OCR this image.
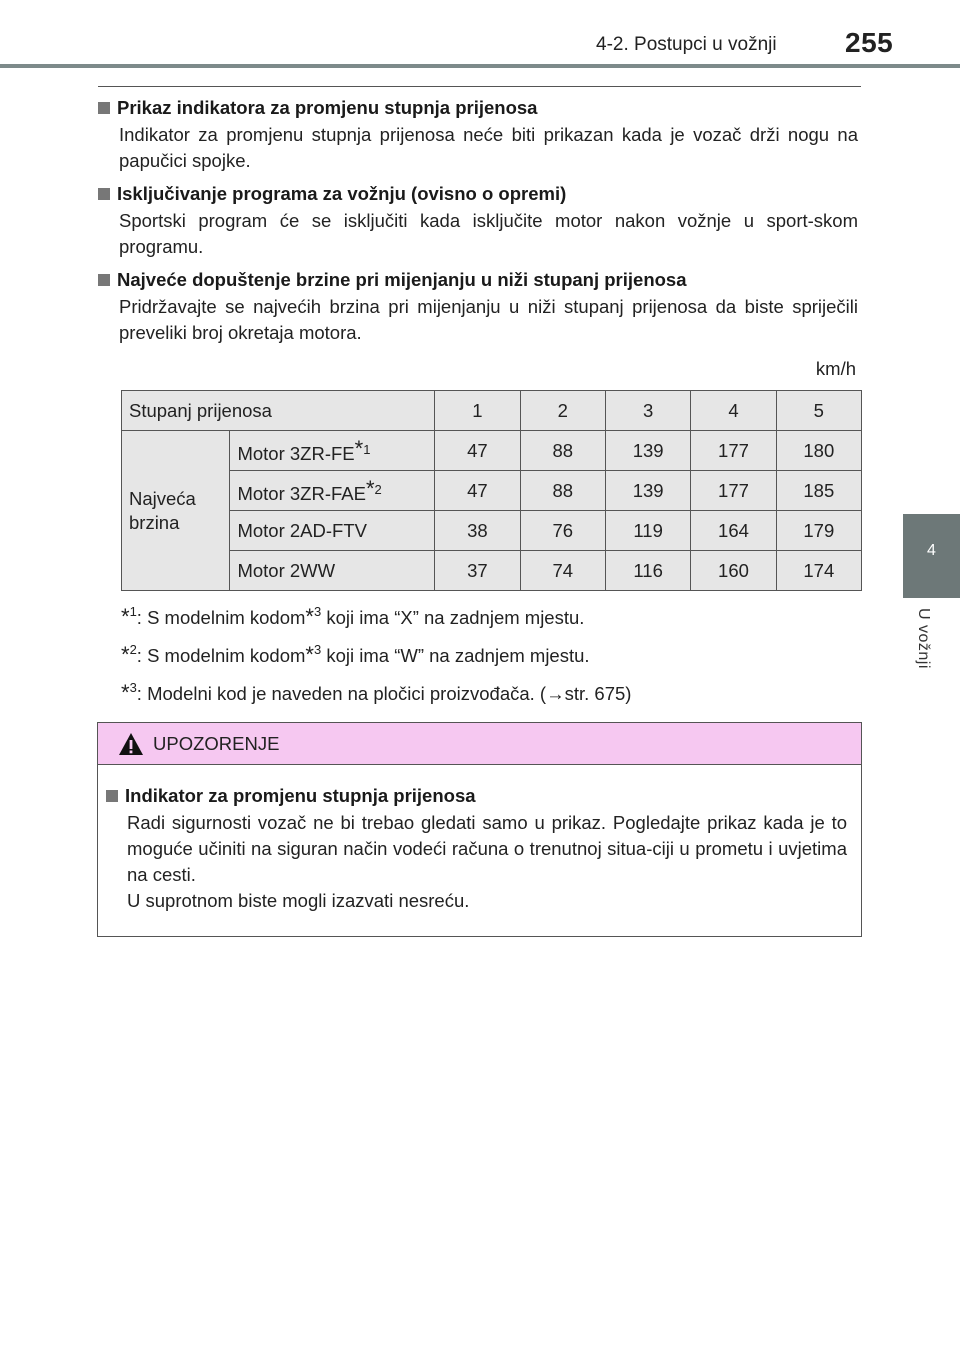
4-2. Postupci u vožnji 255
4
U vožnji
Prikaz indikatora za promjenu stupnja prijenosa
Indikator za promjenu stupnja prijenosa neće biti prikazan kada je vozač drži nogu na papučici spojke.
Isključivanje programa za vožnju (ovisno o opremi)
Sportski program će se isključiti kada isključite motor nakon vožnje u sport-skom programu.
Najveće dopuštenje brzine pri mijenjanju u niži stupanj prijenosa
Pridržavajte se najvećih brzina pri mijenjanju u niži stupanj prijenosa da biste spriječili preveliki broj okretaja motora.
km/h
Stupanj prijenosa		1	2	3	4	5
Najveća brzina	Motor 3ZR-FE$^{*1}$	47	88	139	177	180
	Motor 3ZR-FAE$^{*2}$	47	88	139	177	185
	Motor 2AD-FTV	38	76	119	164	179
	Motor 2WW	37	74	116	160	174
*$^1$: S modelnim kodom*$^3$ koji ima “X” na zadnjem mjestu.
*$^2$: S modelnim kodom*$^3$ koji ima “W” na zadnjem mjestu.
*$^3$: Modelni kod je naveden na pločici proizvođača. (→str. 675)
UPOZORENJE
Indikator za promjenu stupnja prijenosa
Radi sigurnosti vozač ne bi trebao gledati samo u prikaz. Pogledajte prikaz kada je to moguće učiniti na siguran način vodeći računa o trenutnoj situa-ciji u prometu i uvjetima na cesti.
U suprotnom biste mogli izazvati nesreću.
